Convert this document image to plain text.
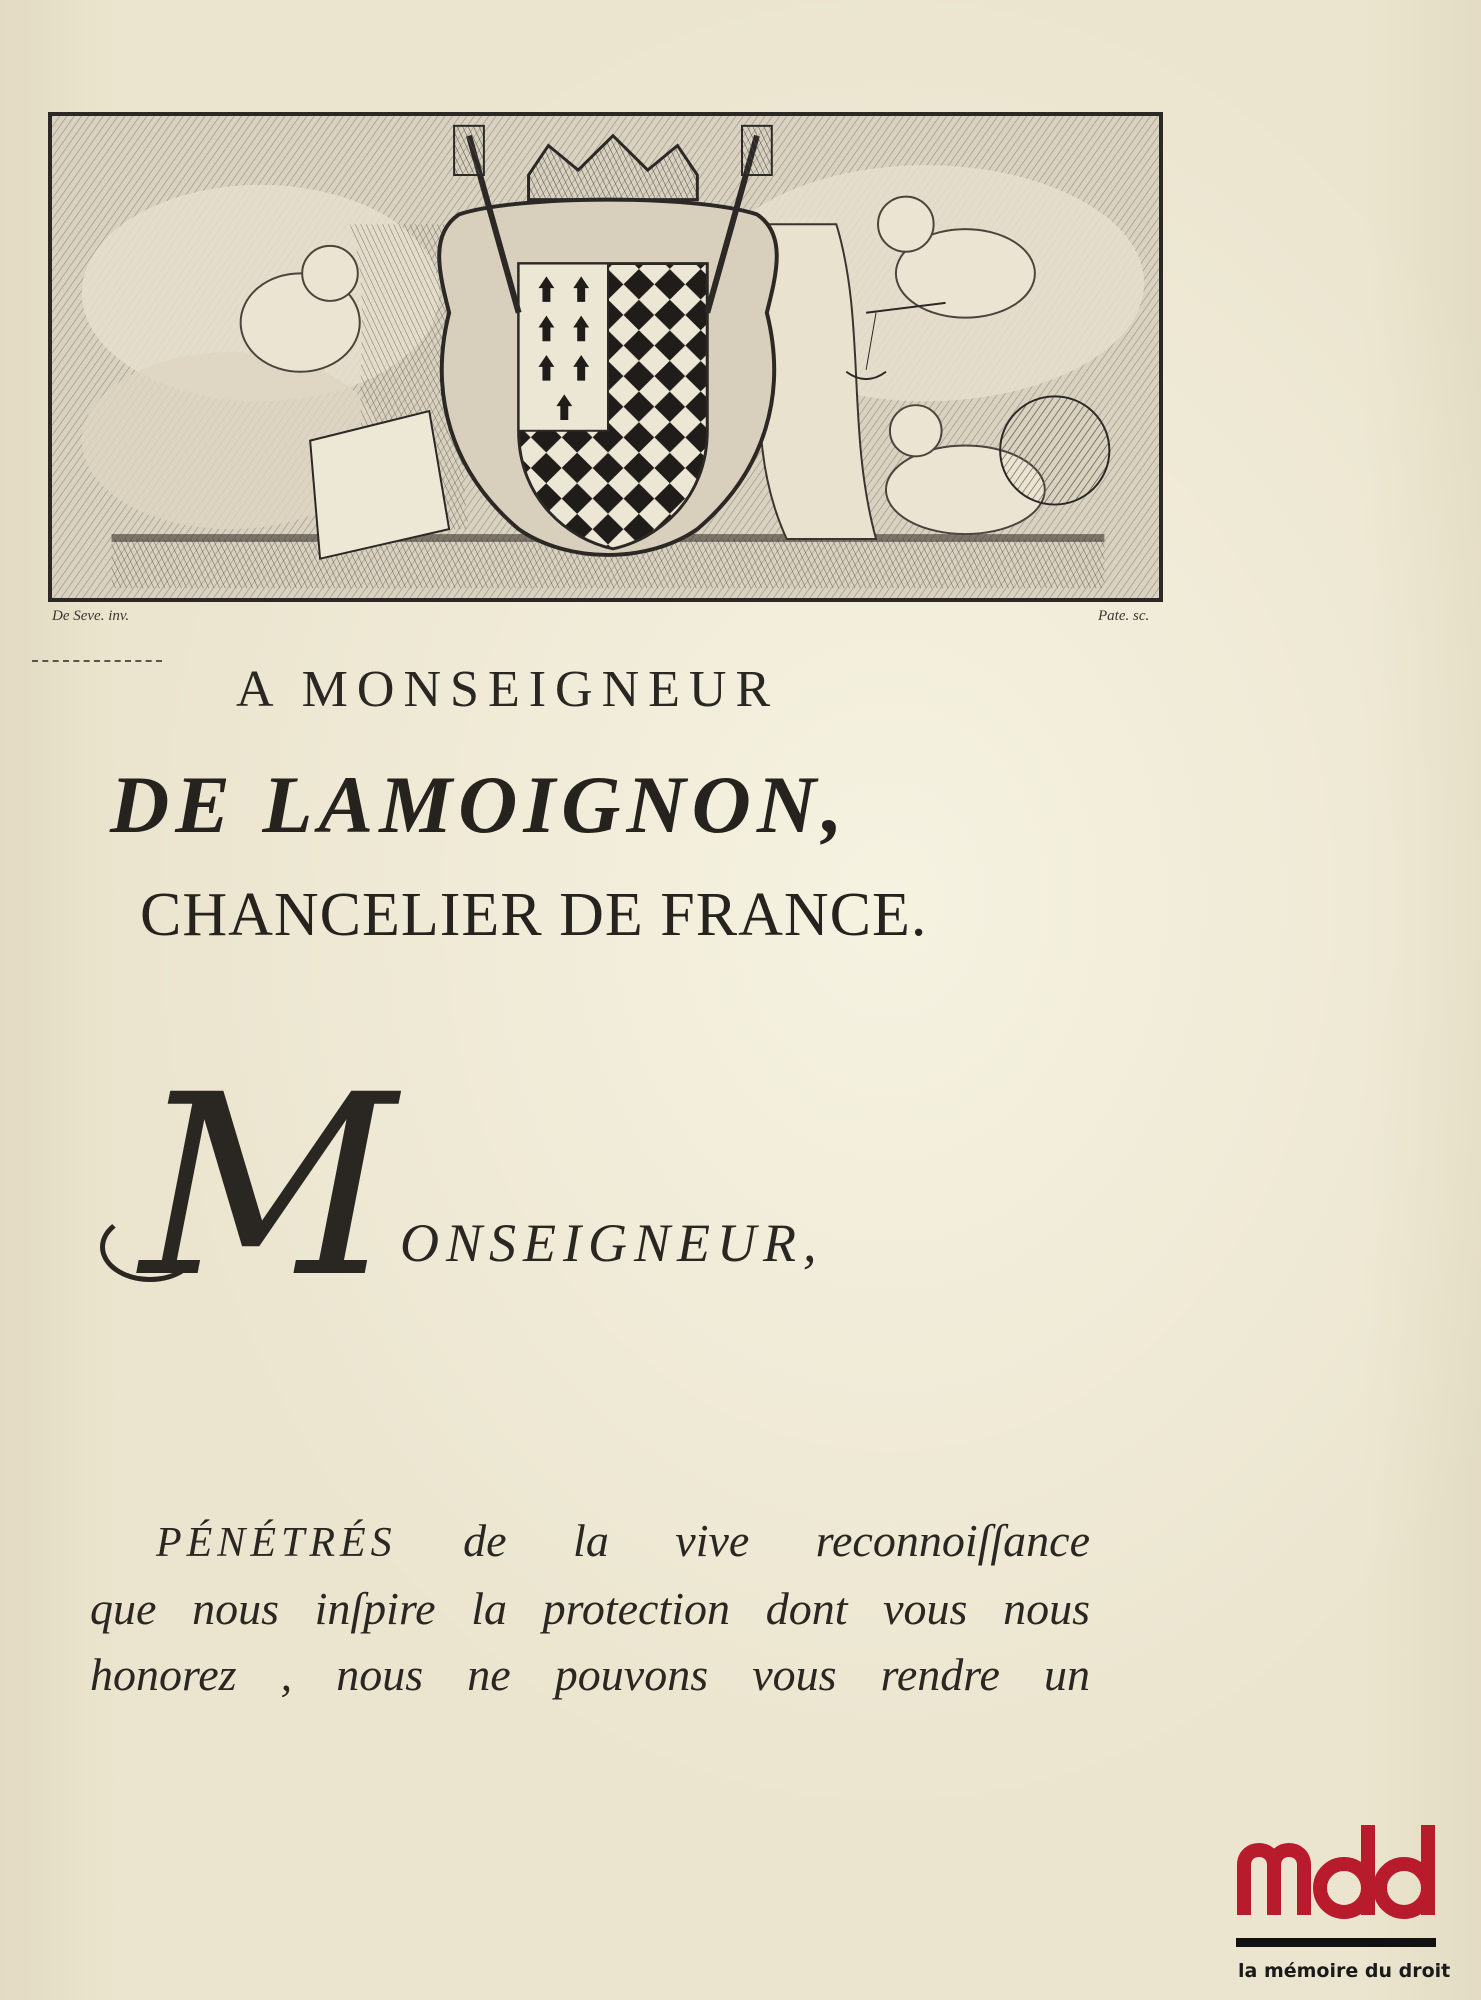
De Seve. inv.	Pate. sc.
A MONSEIGNEUR
DE LAMOIGNON,
CHANCELIER DE FRANCE.
M ONSEIGNEUR,
PÉNÉTRÉS de la vive reconnoiſſance
que nous inſpire la protection dont vous nous
honorez , nous ne pouvons vous rendre un
la mémoire du droit
